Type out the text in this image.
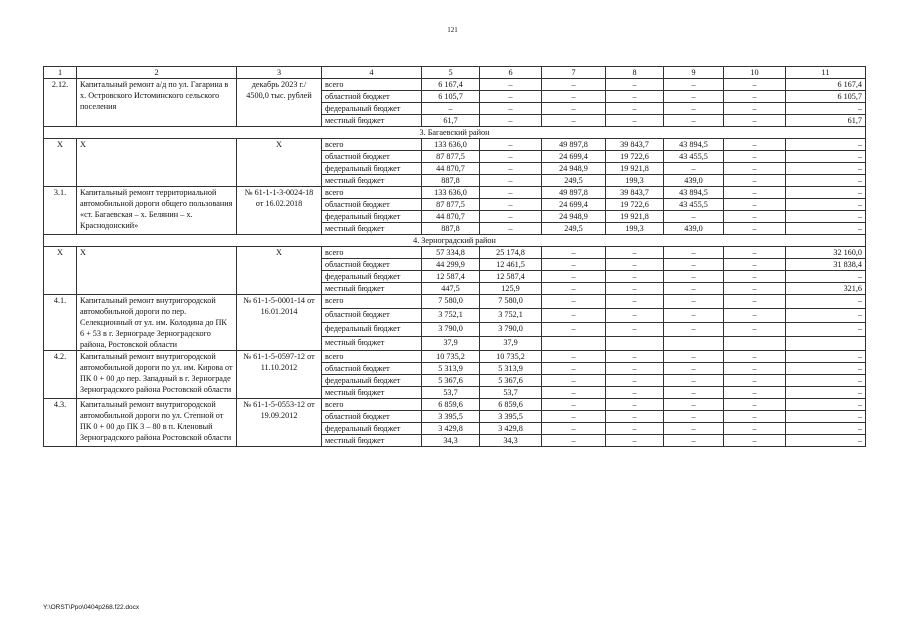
121
1	2	3	4	5	6	7	8	9	10	11
2.12.	Капитальный ремонт а/д по ул. Гагарина в х. Островского Истоминского сельского поселения	декабрь 2023 г./ 4500,0 тыс. рублей	всего	6 167,4	–	–	–	–	–	6 167,4
			областной бюджет	6 105,7	–	–	–	–	–	6 105,7
			федеральный бюджет	–	–	–	–	–	–	–
			местный бюджет	61,7	–	–	–	–	–	61,7
3. Багаевский район										
Х	Х	Х	всего	133 636,0	–	49 897,8	39 843,7	43 894,5	–	–
			областной бюджет	87 877,5	–	24 699,4	19 722,6	43 455,5	–	–
			федеральный бюджет	44 870,7	–	24 948,9	19 921,8	–	–	–
			местный бюджет	887,8	–	249,5	199,3	439,0	–	–
3.1.	Капитальный ремонт территориальной автомобильной дороги общего пользования «ст. Багаевская – х. Белянин – х. Краснодонский»	№ 61-1-1-3-0024-18 от 16.02.2018	всего	133 636,0	–	49 897,8	39 843,7	43 894,5	–	–
			областной бюджет	87 877,5	–	24 699,4	19 722,6	43 455,5	–	–
			федеральный бюджет	44 870,7	–	24 948,9	19 921,8	–	–	–
			местный бюджет	887,8	–	249,5	199,3	439,0	–	–
4. Зерноградский район										
Х	Х	Х	всего	57 334,8	25 174,8	–	–	–	–	32 160,0
			областной бюджет	44 299,9	12 461,5	–	–	–	–	31 838,4
			федеральный бюджет	12 587,4	12 587,4	–	–	–	–	–
			местный бюджет	447,5	125,9	–	–	–	–	321,6
4.1.	Капитальный ремонт внутригородской автомобильной дороги по пер. Селекционный от ул. им. Колодина до ПК 6 + 53 в г. Зернограде Зерноградского района, Ростовской области	№ 61-1-5-0001-14 от 16.01.2014	всего	7 580,0	7 580,0	–	–	–	–	–
			областной бюджет	3 752,1	3 752,1	–	–	–	–	–
			федеральный бюджет	3 790,0	3 790,0	–	–	–	–	–
			местный бюджет	37,9	37,9					
4.2.	Капитальный ремонт внутригородской автомобильной дороги по ул. им. Кирова от ПК 0 + 00 до пер. Западный в г. Зернограде Зерноградского района Ростовской области	№ 61-1-5-0597-12 от 11.10.2012	всего	10 735,2	10 735,2	–	–	–	–	–
			областной бюджет	5 313,9	5 313,9	–	–	–	–	–
			федеральный бюджет	5 367,6	5 367,6	–	–	–	–	–
			местный бюджет	53,7	53,7	–	–	–	–	–
4.3.	Капитальный ремонт внутригородской автомобильной дороги по ул. Степной от ПК 0 + 00 до ПК 3 – 80 в п. Кленовый Зерноградского района Ростовской области	№ 61-1-5-0553-12 от 19.09.2012	всего	6 859,6	6 859,6	–	–	–	–	–
			областной бюджет	3 395,5	3 395,5	–	–	–	–	–
			федеральный бюджет	3 429,8	3 429,8	–	–	–	–	–
			местный бюджет	34,3	34,3	–	–	–	–	–
Y:\ORST\Ppo\0404p268.f22.docx
